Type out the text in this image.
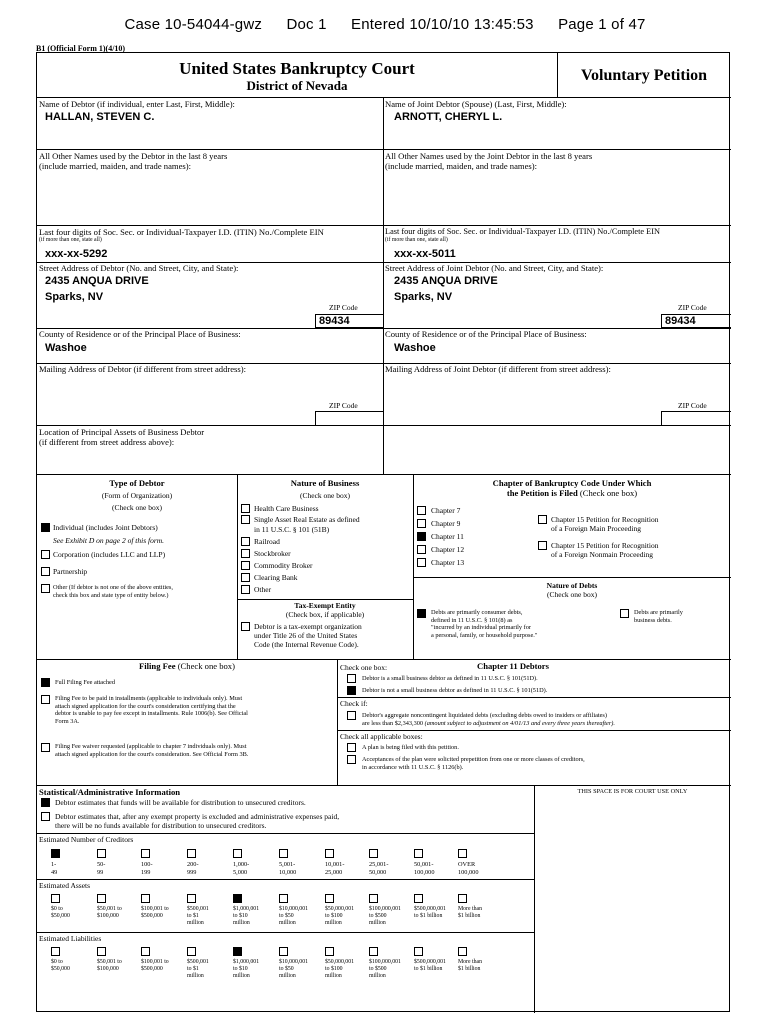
Case 10-54044-gwz Doc 1 Entered 10/10/10 13:45:53 Page 1 of 47
B1 (Official Form 1)(4/10)
United States Bankruptcy Court
District of Nevada
Voluntary Petition
Name of Debtor (if individual, enter Last, First, Middle):
HALLAN, STEVEN C.
All Other Names used by the Debtor in the last 8 years
(include married, maiden, and trade names):
Last four digits of Soc. Sec. or Individual-Taxpayer I.D. (ITIN) No./Complete EIN
(if more than one, state all)
xxx-xx-5292
Street Address of Debtor (No. and Street, City, and State):
2435 ANQUA DRIVE
Sparks, NV
ZIP Code
89434
County of Residence or of the Principal Place of Business:
Washoe
Mailing Address of Debtor (if different from street address):
ZIP Code
Name of Joint Debtor (Spouse) (Last, First, Middle):
ARNOTT, CHERYL L.
All Other Names used by the Joint Debtor in the last 8 years
(include married, maiden, and trade names):
Last four digits of Soc. Sec. or Individual-Taxpayer I.D. (ITIN) No./Complete EIN
(if more than one, state all)
xxx-xx-5011
Street Address of Joint Debtor (No. and Street, City, and State):
2435 ANQUA DRIVE
Sparks, NV
ZIP Code
89434
County of Residence or of the Principal Place of Business:
Washoe
Mailing Address of Joint Debtor (if different from street address):
ZIP Code
Location of Principal Assets of Business Debtor
(if different from street address above):
Type of Debtor
(Form of Organization)
(Check one box)
Individual (includes Joint Debtors)
See Exhibit D on page 2 of this form.
Corporation (includes LLC and LLP)
Partnership
Other (If debtor is not one of the above entities,
check this box and state type of entity below.)
Nature of Business
(Check one box)
Health Care Business
Single Asset Real Estate as defined
in 11 U.S.C. § 101 (51B)
Railroad
Stockbroker
Commodity Broker
Clearing Bank
Other
Tax-Exempt Entity
(Check box, if applicable)
Debtor is a tax-exempt organization
under Title 26 of the United States
Code (the Internal Revenue Code).
Chapter of Bankruptcy Code Under Which
the Petition is Filed (Check one box)
Chapter 7
Chapter 9
Chapter 11
Chapter 12
Chapter 13
Chapter 15 Petition for Recognition
of a Foreign Main Proceeding
Chapter 15 Petition for Recognition
of a Foreign Nonmain Proceeding
Nature of Debts
(Check one box)
Debts are primarily consumer debts,
defined in 11 U.S.C. § 101(8) as
"incurred by an individual primarily for
a personal, family, or household purpose."
Debts are primarily
business debts.
Filing Fee (Check one box)
Full Filing Fee attached
Filing Fee to be paid in installments (applicable to individuals only). Must
attach signed application for the court's consideration certifying that the
debtor is unable to pay fee except in installments. Rule 1006(b). See Official
Form 3A.
Filing Fee waiver requested (applicable to chapter 7 individuals only). Must
attach signed application for the court's consideration. See Official Form 3B.
Check one box:	Chapter 11 Debtors
Debtor is a small business debtor as defined in 11 U.S.C. § 101(51D).
Debtor is not a small business debtor as defined in 11 U.S.C. § 101(51D).
Check if:
Debtor's aggregate noncontingent liquidated debts (excluding debts owed to insiders or affiliates)
are less than $2,343,300 (amount subject to adjustment on 4/01/13 and every three years thereafter).
Check all applicable boxes:
A plan is being filed with this petition.
Acceptances of the plan were solicited prepetition from one or more classes of creditors,
in accordance with 11 U.S.C. § 1126(b).
Statistical/Administrative Information	THIS SPACE IS FOR COURT USE ONLY
Debtor estimates that funds will be available for distribution to unsecured creditors.
Debtor estimates that, after any exempt property is excluded and administrative expenses paid,
there will be no funds available for distribution to unsecured creditors.
Estimated Number of Creditors
Estimated Assets
Estimated Liabilities
1-
49
50-
99
100-
199
200-
999
1,000-
5,000
5,001-
10,000
10,001-
25,000
25,001-
50,000
50,001-
100,000
OVER
100,000
$0 to
$50,000
$50,001 to
$100,000
$100,001 to
$500,000
$500,001
to $1
million
$1,000,001
to $10
million
$10,000,001
to $50
million
$50,000,001
to $100
million
$100,000,001
to $500
million
$500,000,001
to $1 billion
More than
$1 billion
$0 to
$50,000
$50,001 to
$100,000
$100,001 to
$500,000
$500,001
to $1
million
$1,000,001
to $10
million
$10,000,001
to $50
million
$50,000,001
to $100
million
$100,000,001
to $500
million
$500,000,001
to $1 billion
More than
$1 billion
